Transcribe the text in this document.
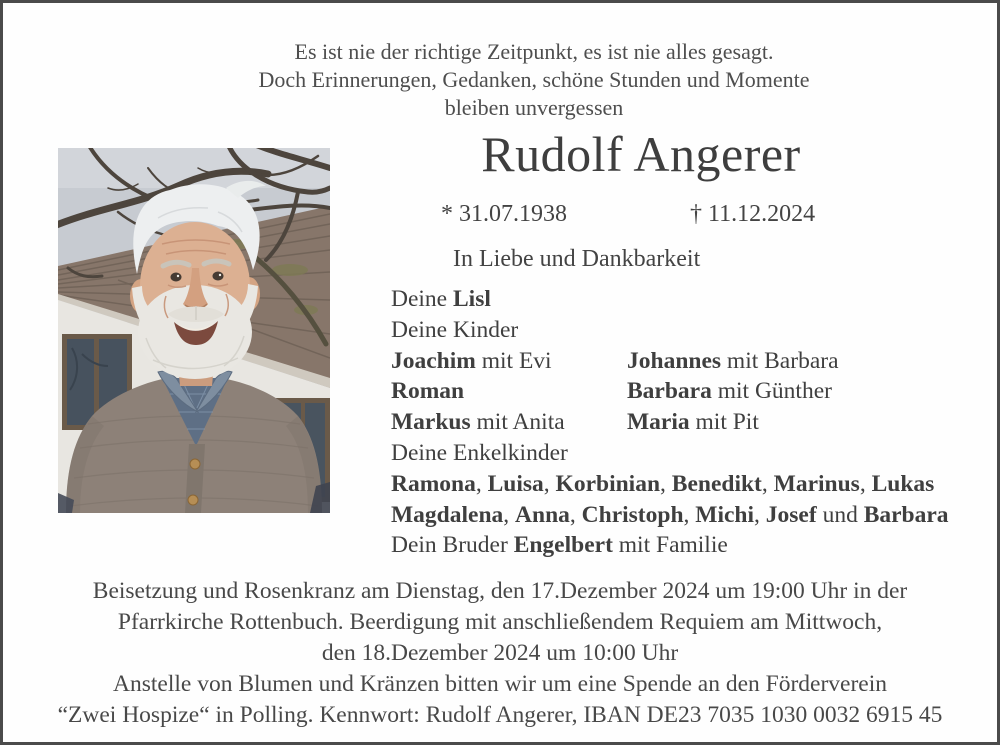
Es ist nie der richtige Zeitpunkt, es ist nie alles gesagt.
Doch Erinnerungen, Gedanken, schöne Stunden und Momente
bleiben unvergessen
Rudolf Angerer
* 31.07.1938	† 11.12.2024
In Liebe und Dankbarkeit
Deine Lisl
Deine Kinder
Joachim mit Evi	Johannes mit Barbara
Roman	Barbara mit Günther
Markus mit Anita	Maria mit Pit
Deine Enkelkinder
Ramona, Luisa, Korbinian, Benedikt, Marinus, Lukas
Magdalena, Anna, Christoph, Michi, Josef und Barbara
Dein Bruder Engelbert mit Familie
Beisetzung und Rosenkranz am Dienstag, den 17.Dezember 2024 um 19:00 Uhr in der
Pfarrkirche Rottenbuch. Beerdigung mit anschließendem Requiem am Mittwoch,
den 18.Dezember 2024 um 10:00 Uhr
Anstelle von Blumen und Kränzen bitten wir um eine Spende an den Förderverein
“Zwei Hospize“ in Polling. Kennwort: Rudolf Angerer, IBAN DE23 7035 1030 0032 6915 45
